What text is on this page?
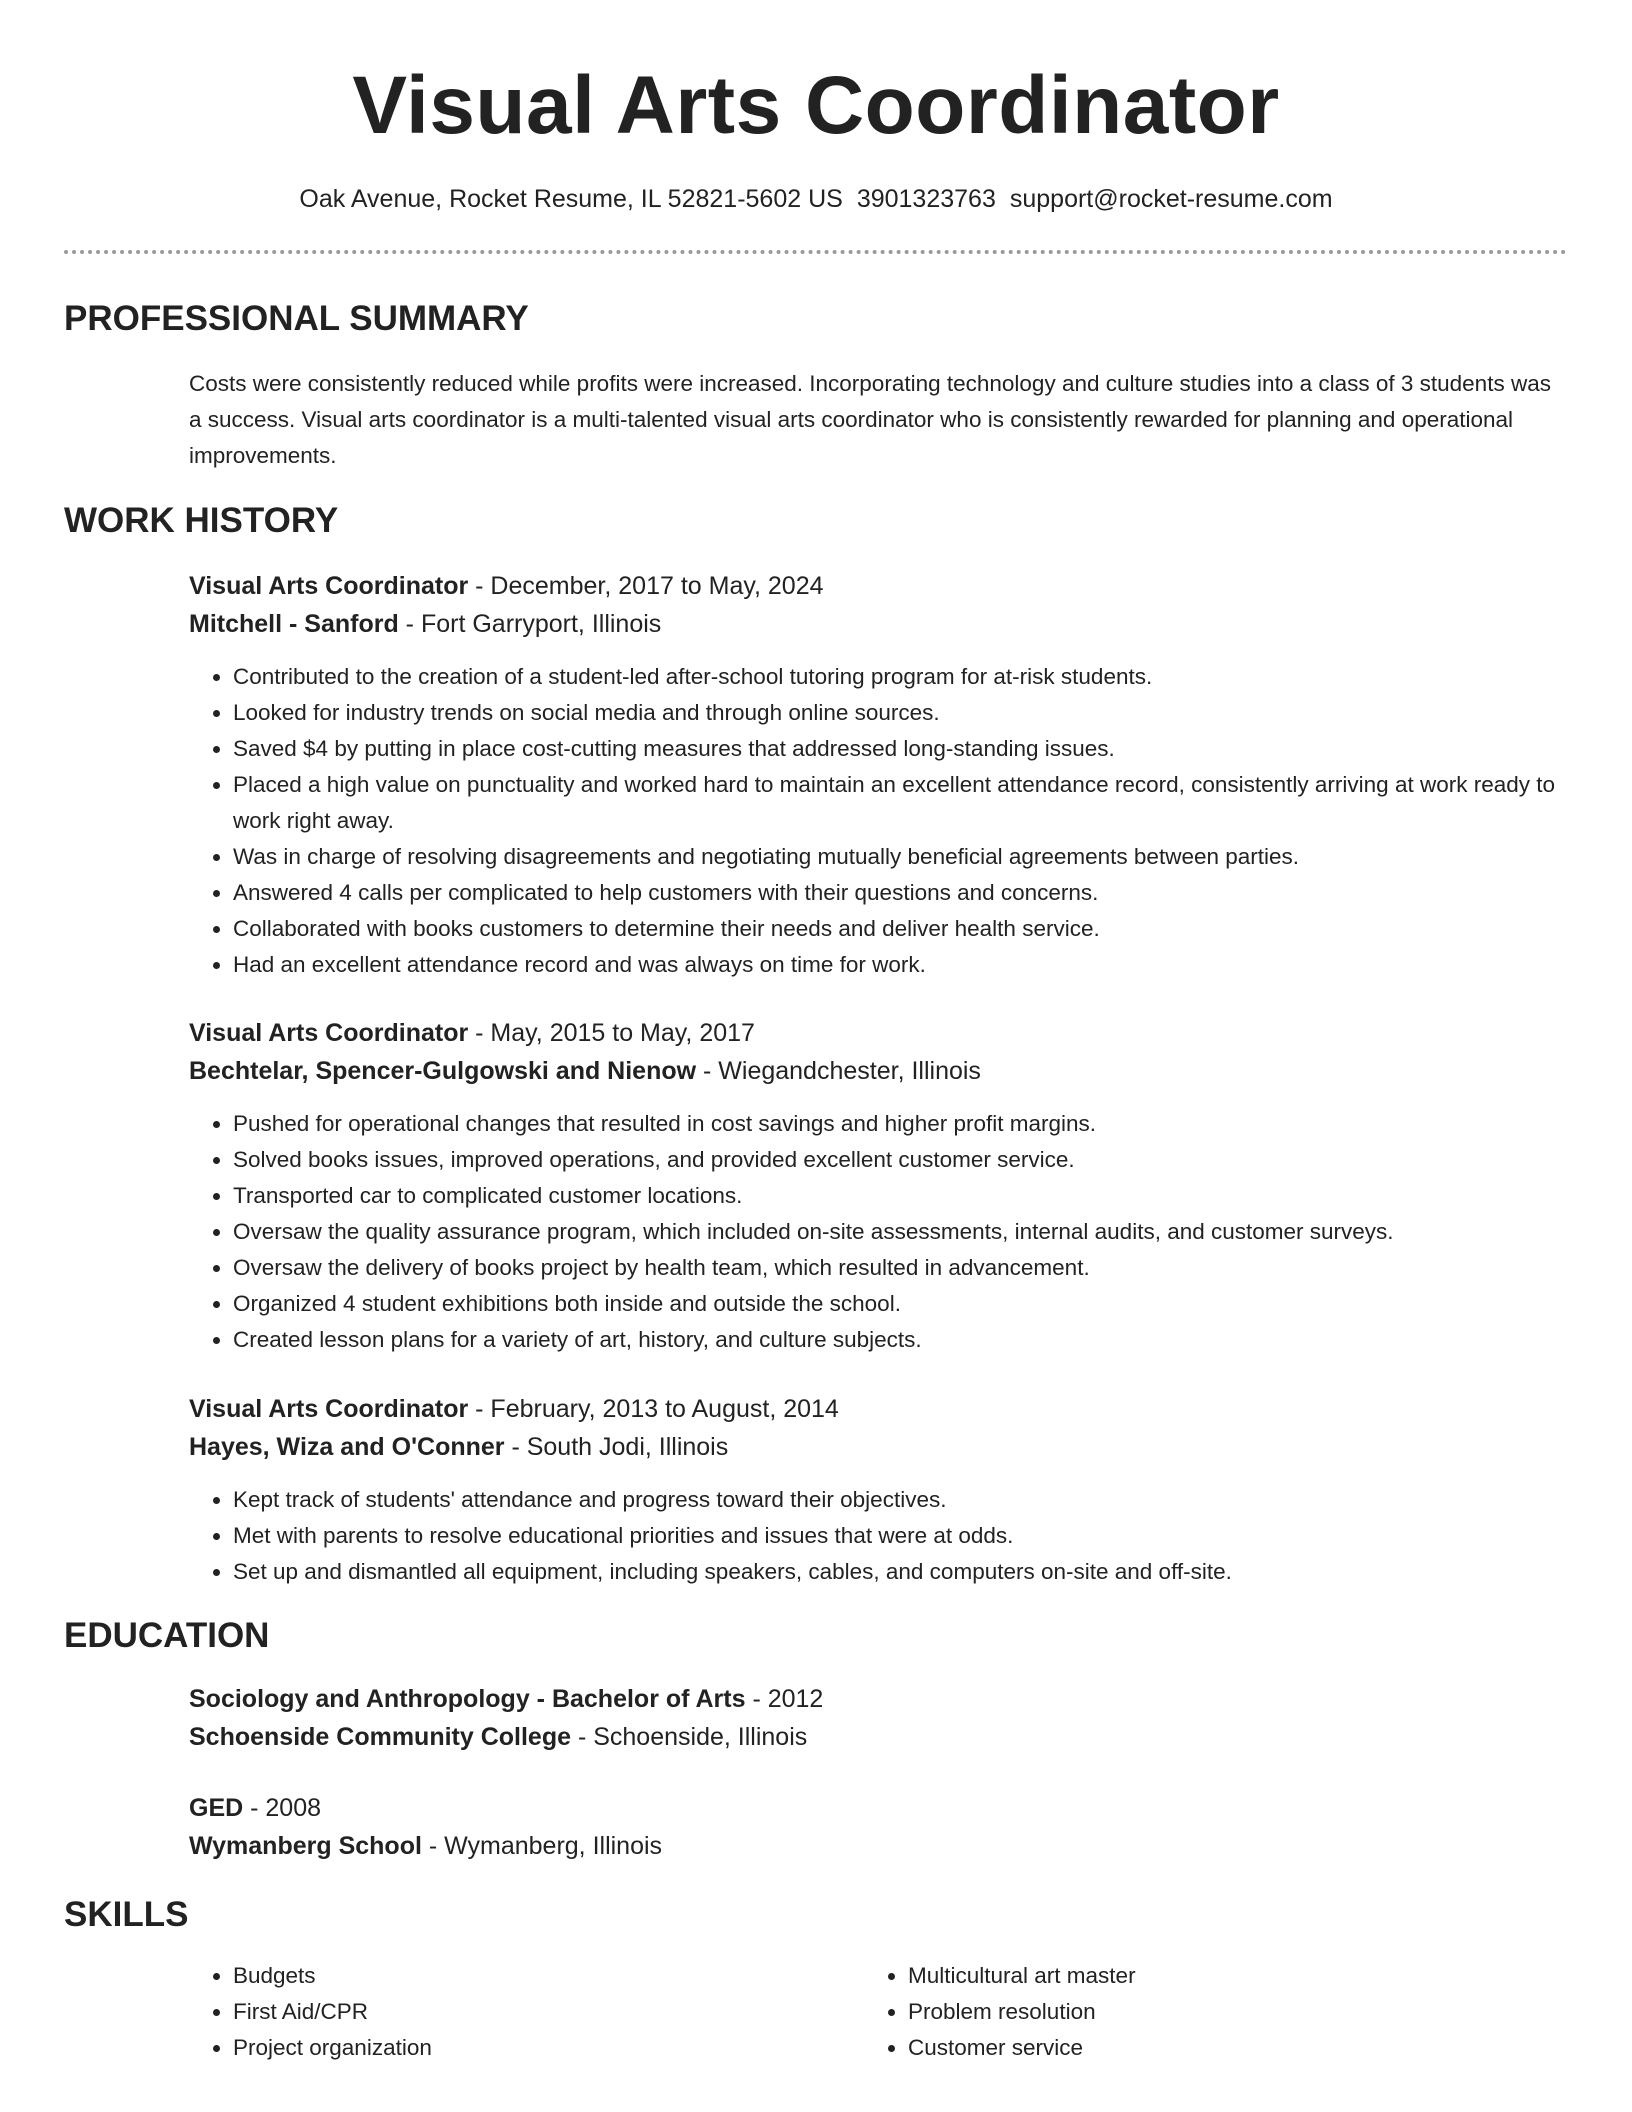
Visual Arts Coordinator
Oak Avenue, Rocket Resume, IL 52821-5602 US 3901323763 support@rocket-resume.com
PROFESSIONAL SUMMARY
Costs were consistently reduced while profits were increased. Incorporating technology and culture studies into a class of 3 students was a success. Visual arts coordinator is a multi-talented visual arts coordinator who is consistently rewarded for planning and operational improvements.
WORK HISTORY
Visual Arts Coordinator - December, 2017 to May, 2024
Mitchell - Sanford - Fort Garryport, Illinois
• Contributed to the creation of a student-led after-school tutoring program for at-risk students.
• Looked for industry trends on social media and through online sources.
• Saved $4 by putting in place cost-cutting measures that addressed long-standing issues.
• Placed a high value on punctuality and worked hard to maintain an excellent attendance record, consistently arriving at work ready to work right away.
• Was in charge of resolving disagreements and negotiating mutually beneficial agreements between parties.
• Answered 4 calls per complicated to help customers with their questions and concerns.
• Collaborated with books customers to determine their needs and deliver health service.
• Had an excellent attendance record and was always on time for work.
Visual Arts Coordinator - May, 2015 to May, 2017
Bechtelar, Spencer-Gulgowski and Nienow - Wiegandchester, Illinois
• Pushed for operational changes that resulted in cost savings and higher profit margins.
• Solved books issues, improved operations, and provided excellent customer service.
• Transported car to complicated customer locations.
• Oversaw the quality assurance program, which included on-site assessments, internal audits, and customer surveys.
• Oversaw the delivery of books project by health team, which resulted in advancement.
• Organized 4 student exhibitions both inside and outside the school.
• Created lesson plans for a variety of art, history, and culture subjects.
Visual Arts Coordinator - February, 2013 to August, 2014
Hayes, Wiza and O'Conner - South Jodi, Illinois
• Kept track of students' attendance and progress toward their objectives.
• Met with parents to resolve educational priorities and issues that were at odds.
• Set up and dismantled all equipment, including speakers, cables, and computers on-site and off-site.
EDUCATION
Sociology and Anthropology - Bachelor of Arts - 2012
Schoenside Community College - Schoenside, Illinois
GED - 2008
Wymanberg School - Wymanberg, Illinois
SKILLS
• Budgets
• First Aid/CPR
• Project organization
• Multicultural art master
• Problem resolution
• Customer service
